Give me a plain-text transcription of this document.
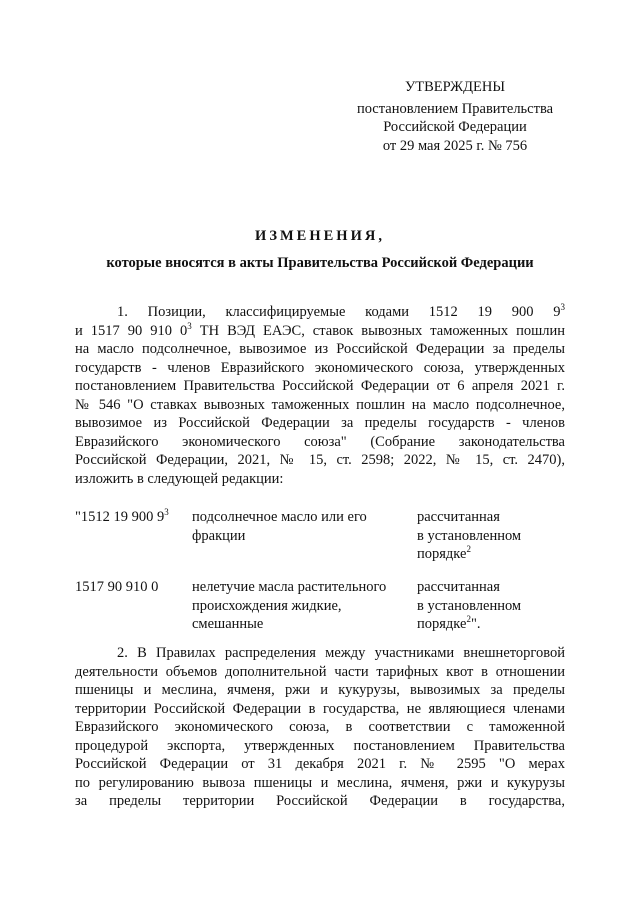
УТВЕРЖДЕНЫ
постановлением Правительства
Российской Федерации
от 29 мая 2025 г. № 756
ИЗМЕНЕНИЯ,
которые вносятся в акты Правительства Российской Федерации
1. Позиции, классифицируемые кодами 1512 19 900 $9^3$
и 1517 90 910 $0^3$ ТН ВЭД ЕАЭС, ставок вывозных таможенных пошлин
на масло подсолнечное, вывозимое из Российской Федерации за пределы
государств - членов Евразийского экономического союза, утвержденных
постановлением Правительства Российской Федерации от 6 апреля 2021 г.
№ 546 "О ставках вывозных таможенных пошлин на масло подсолнечное,
вывозимое из Российской Федерации за пределы государств - членов
Евразийского экономического союза" (Собрание законодательства
Российской Федерации, 2021, № 15, ст. 2598; 2022, № 15, ст. 2470),
изложить в следующей редакции:
"1512 19 900 $9^3$	подсолнечное масло или его
фракции
рассчитанная
в установленном
порядке$^2$
1517 90 910 0	нелетучие масла растительного
происхождения жидкие,
смешанные
рассчитанная
в установленном
порядке$^2$".
2. В Правилах распределения между участниками внешнеторговой
деятельности объемов дополнительной части тарифных квот в отношении
пшеницы и меслина, ячменя, ржи и кукурузы, вывозимых за пределы
территории Российской Федерации в государства, не являющиеся членами
Евразийского экономического союза, в соответствии с таможенной
процедурой экспорта, утвержденных постановлением Правительства
Российской Федерации от 31 декабря 2021 г. № 2595 "О мерах
по регулированию вывоза пшеницы и меслина, ячменя, ржи и кукурузы
за пределы территории Российской Федерации в государства,
